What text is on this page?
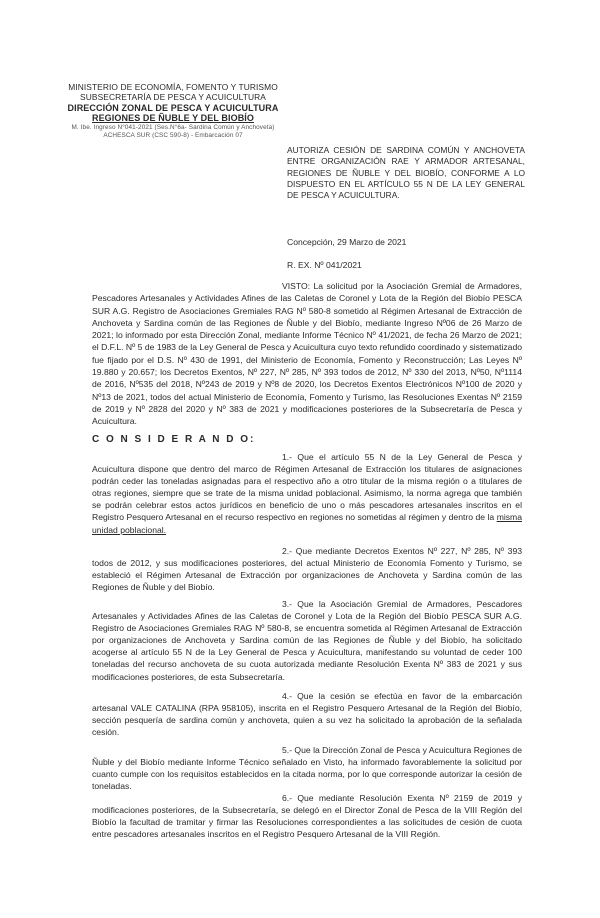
MINISTERIO DE ECONOMÍA, FOMENTO Y TURISMO
SUBSECRETARÍA DE PESCA Y ACUICULTURA
DIRECCIÓN ZONAL DE PESCA Y ACUICULTURA
REGIONES DE ÑUBLE Y DEL BIOBÍO
M. Ibe. Ingreso N°041-2021 (Ses.N°6a- Sardina Común y Anchoveta)
ACHESCA SUR (CSC 590-8) - Embarcación 07
AUTORIZA CESIÓN DE SARDINA COMÚN Y ANCHOVETA ENTRE ORGANIZACIÓN RAE Y ARMADOR ARTESANAL, REGIONES DE ÑUBLE Y DEL BIOBÍO, CONFORME A LO DISPUESTO EN EL ARTÍCULO 55 N DE LA LEY GENERAL DE PESCA Y ACUICULTURA.
Concepción, 29 Marzo de 2021
R. EX. Nº 041/2021
VISTO: La solicitud por la Asociación Gremial de Armadores, Pescadores Artesanales y Actividades Afines de las Caletas de Coronel y Lota de la Región del Biobío PESCA SUR A.G. Registro de Asociaciones Gremiales RAG Nº 580-8 sometido al Régimen Artesanal de Extracción de Anchoveta y Sardina común de las Regiones de Ñuble y del Biobío, mediante Ingreso Nº06 de 26 Marzo de 2021; lo informado por esta Dirección Zonal, mediante Informe Técnico Nº 41/2021, de fecha 26 Marzo de 2021; el D.F.L. Nº 5 de 1983 de la Ley General de Pesca y Acuicultura cuyo texto refundido coordinado y sistematizado fue fijado por el D.S. Nº 430 de 1991, del Ministerio de Economía, Fomento y Reconstrucción; Las Leyes Nº 19.880 y 20.657; los Decretos Exentos, Nº 227, Nº 285, Nº 393 todos de 2012, Nº 330 del 2013, Nº50, Nº1114 de 2016, Nº535 del 2018, Nº243 de 2019 y Nº8 de 2020, los Decretos Exentos Electrónicos Nº100 de 2020 y Nº13 de 2021, todos del actual Ministerio de Economía, Fomento y Turismo, las Resoluciones Exentas Nº 2159 de 2019 y Nº 2828 del 2020 y Nº 383 de 2021 y modificaciones posteriores de la Subsecretaría de Pesca y Acuicultura.
C O N S I D E R A N D O:
1.- Que el artículo 55 N de la Ley General de Pesca y Acuicultura dispone que dentro del marco de Régimen Artesanal de Extracción los titulares de asignaciones podrán ceder las toneladas asignadas para el respectivo año a otro titular de la misma región o a titulares de otras regiones, siempre que se trate de la misma unidad poblacional. Asimismo, la norma agrega que también se podrán celebrar estos actos jurídicos en beneficio de uno o más pescadores artesanales inscritos en el Registro Pesquero Artesanal en el recurso respectivo en regiones no sometidas al régimen y dentro de la misma unidad poblacional.
2.- Que mediante Decretos Exentos Nº 227, Nº 285, Nº 393 todos de 2012, y sus modificaciones posteriores, del actual Ministerio de Economía Fomento y Turismo, se estableció el Régimen Artesanal de Extracción por organizaciones de Anchoveta y Sardina común de las Regiones de Ñuble y del Biobío.
3.- Que la Asociación Gremial de Armadores, Pescadores Artesanales y Actividades Afines de las Caletas de Coronel y Lota de la Región del Biobío PESCA SUR A.G. Registro de Asociaciones Gremiales RAG Nº 580-8, se encuentra sometida al Régimen Artesanal de Extracción por organizaciones de Anchoveta y Sardina común de las Regiones de Ñuble y del Biobío, ha solicitado acogerse al artículo 55 N de la Ley General de Pesca y Acuicultura, manifestando su voluntad de ceder 100 toneladas del recurso anchoveta de su cuota autorizada mediante Resolución Exenta Nº 383 de 2021 y sus modificaciones posteriores, de esta Subsecretaría.
4.- Que la cesión se efectúa en favor de la embarcación artesanal VALE CATALINA (RPA 958105), inscrita en el Registro Pesquero Artesanal de la Región del Biobío, sección pesquería de sardina común y anchoveta, quien a su vez ha solicitado la aprobación de la señalada cesión.
5.- Que la Dirección Zonal de Pesca y Acuicultura Regiones de Ñuble y del Biobío mediante Informe Técnico señalado en Visto, ha informado favorablemente la solicitud por cuanto cumple con los requisitos establecidos en la citada norma, por lo que corresponde autorizar la cesión de toneladas.
6.- Que mediante Resolución Exenta Nº 2159 de 2019 y modificaciones posteriores, de la Subsecretaría, se delegó en el Director Zonal de Pesca de la VIII Región del Biobío la facultad de tramitar y firmar las Resoluciones correspondientes a las solicitudes de cesión de cuota entre pescadores artesanales inscritos en el Registro Pesquero Artesanal de la VIII Región.
